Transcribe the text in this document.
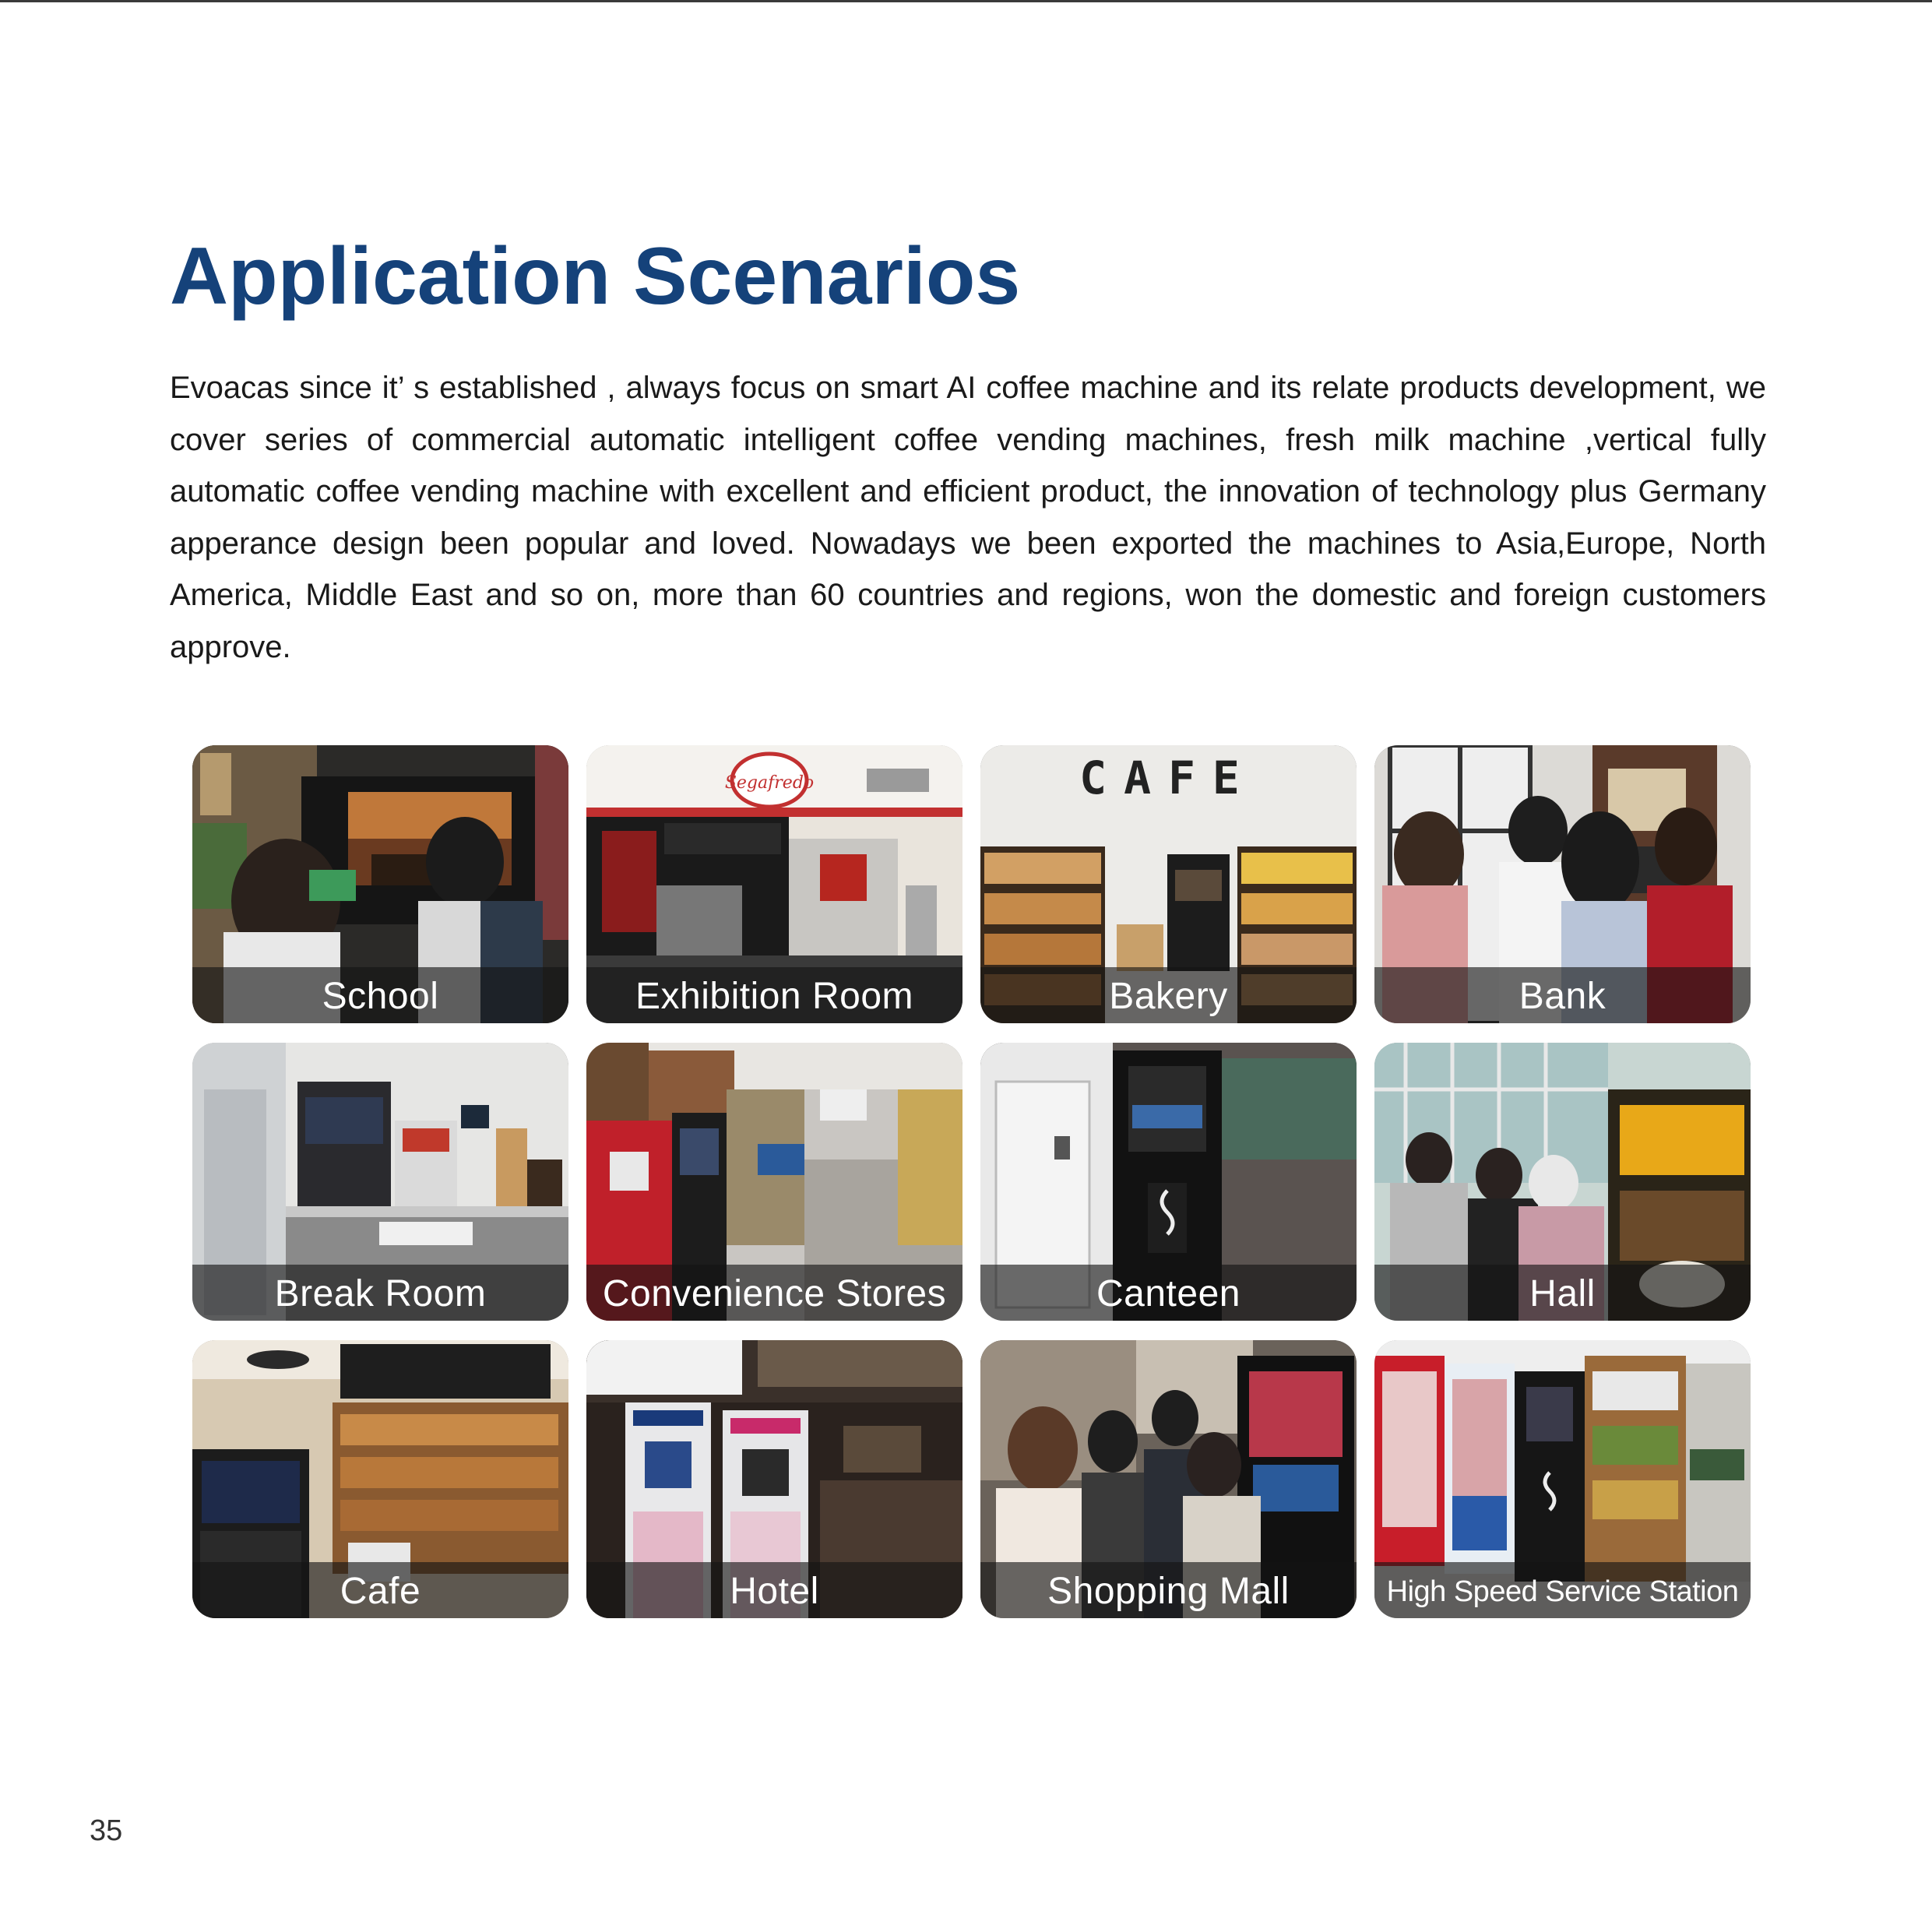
Application Scenarios

Evoacas since it’ s established , always focus on smart AI coffee machine and its relate products development, we cover series of commercial automatic intelligent coffee vending machines, fresh milk machine ,vertical fully automatic coffee vending machine with excellent and efficient product, the innovation of technology plus Germany apperance design been popular and loved. Nowadays we been exported the machines to Asia,Europe, North America, Middle East and so on, more than 60 countries and regions, won the domestic and foreign customers approve.

School
Segafredo
Exhibition Room
CAFE
Bakery	Bank
Break Room	Convenience Stores	Canteen	Hall
Cafe	Hotel	Shopping Mall	High Speed Service Station
35
